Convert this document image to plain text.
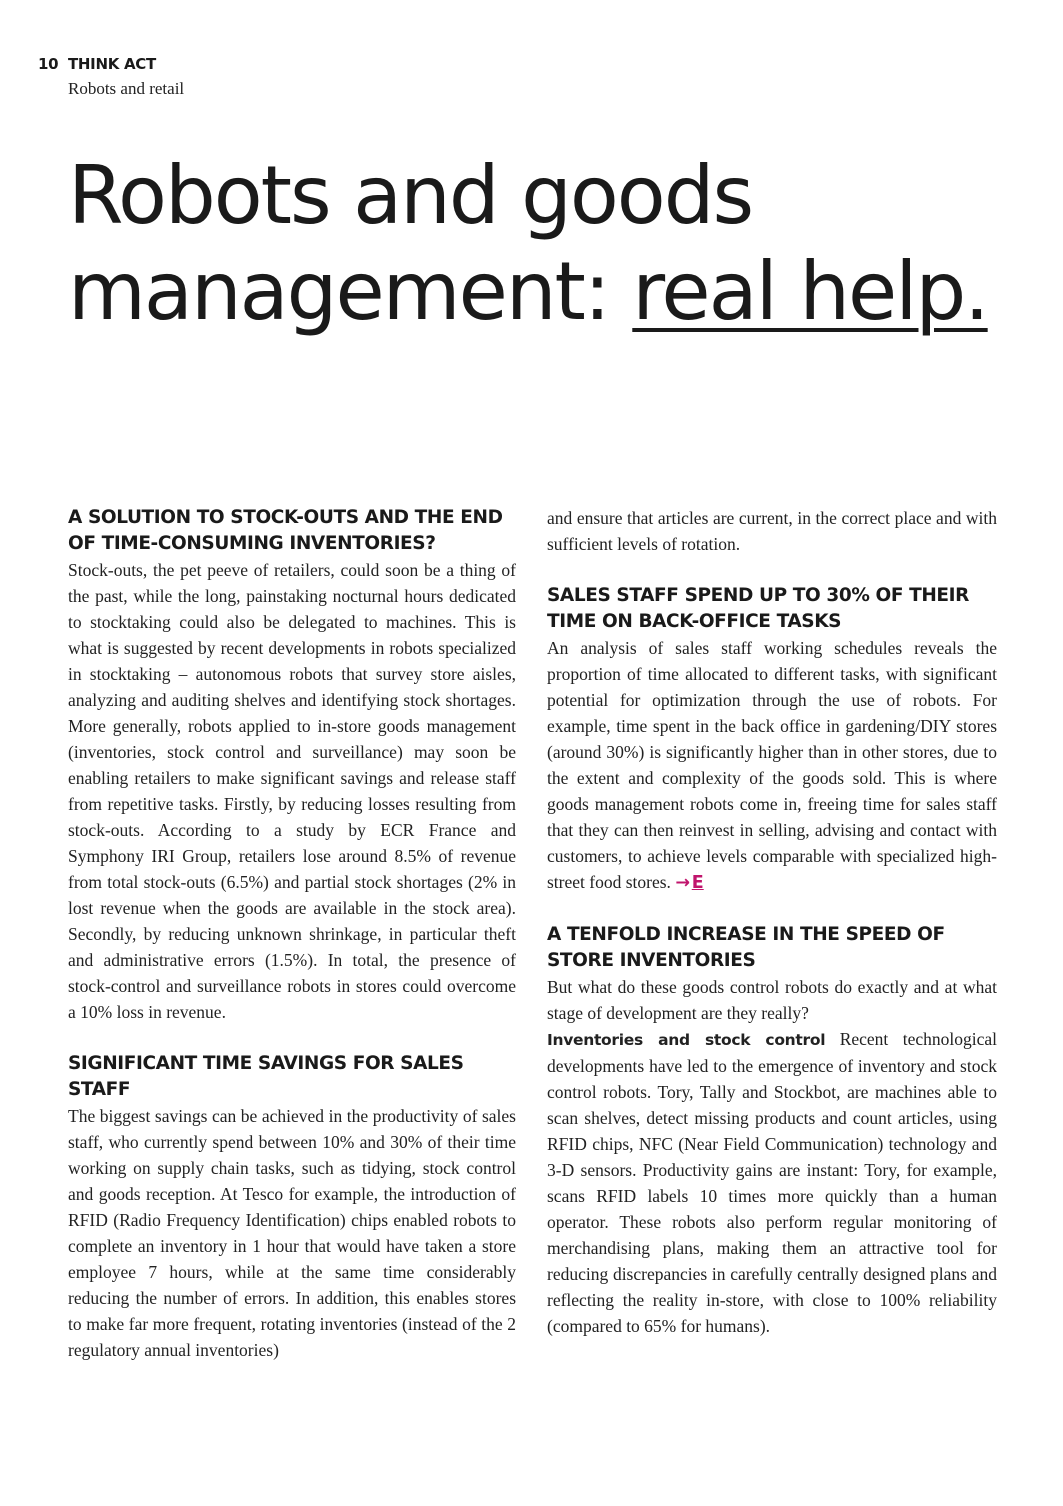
10 THINK ACT
Robots and retail
Robots and goods
management: real help.
A SOLUTION TO STOCK-OUTS AND THE END OF TIME-CONSUMING INVENTORIES?

Stock-outs, the pet peeve of retailers, could soon be a thing of the past, while the long, painstaking nocturnal hours dedicated to stocktaking could also be delegated to machines. This is what is suggested by recent developments in robots specialized in stocktaking – autonomous robots that survey store aisles, analyzing and auditing shelves and identifying stock shortages. More generally, robots applied to in-store goods management (inventories, stock control and surveillance) may soon be enabling retailers to make significant savings and release staff from repetitive tasks. Firstly, by reducing losses resulting from stock-outs. According to a study by ECR France and Symphony IRI Group, retailers lose around 8.5% of revenue from total stock-outs (6.5%) and partial stock shortages (2% in lost revenue when the goods are available in the stock area). Secondly, by reducing unknown shrinkage, in particular theft and administrative errors (1.5%). In total, the presence of stock-control and surveillance robots in stores could overcome a 10% loss in revenue.

SIGNIFICANT TIME SAVINGS FOR SALES STAFF

The biggest savings can be achieved in the productivity of sales staff, who currently spend between 10% and 30% of their time working on supply chain tasks, such as tidying, stock control and goods reception. At Tesco for example, the introduction of RFID (Radio Frequency Identification) chips enabled robots to complete an inventory in 1 hour that would have taken a store employee 7 hours, while at the same time considerably reducing the number of errors. In addition, this enables stores to make far more frequent, rotating inventories (instead of the 2 regulatory annual inventories)

and ensure that articles are current, in the correct place and with sufficient levels of rotation.

SALES STAFF SPEND UP TO 30% OF THEIR TIME ON BACK-OFFICE TASKS

An analysis of sales staff working schedules reveals the proportion of time allocated to different tasks, with significant potential for optimization through the use of robots. For example, time spent in the back office in gardening/DIY stores (around 30%) is significantly higher than in other stores, due to the extent and complexity of the goods sold. This is where goods management robots come in, freeing time for sales staff that they can then reinvest in selling, advising and contact with customers, to achieve levels comparable with specialized high-street food stores. →  E

A TENFOLD INCREASE IN THE SPEED OF STORE INVENTORIES

But what do these goods control robots do exactly and at what stage of development are they really?

Inventories and stock control Recent technological developments have led to the emergence of inventory and stock control robots. Tory, Tally and Stockbot, are machines able to scan shelves, detect missing products and count articles, using RFID chips, NFC (Near Field Communication) technology and 3-D sensors. Productivity gains are instant: Tory, for example, scans RFID labels 10 times more quickly than a human operator. These robots also perform regular monitoring of merchandising plans, making them an attractive tool for reducing discrepancies in carefully centrally designed plans and reflecting the reality in-store, with close to 100% reliability (compared to 65% for humans).
